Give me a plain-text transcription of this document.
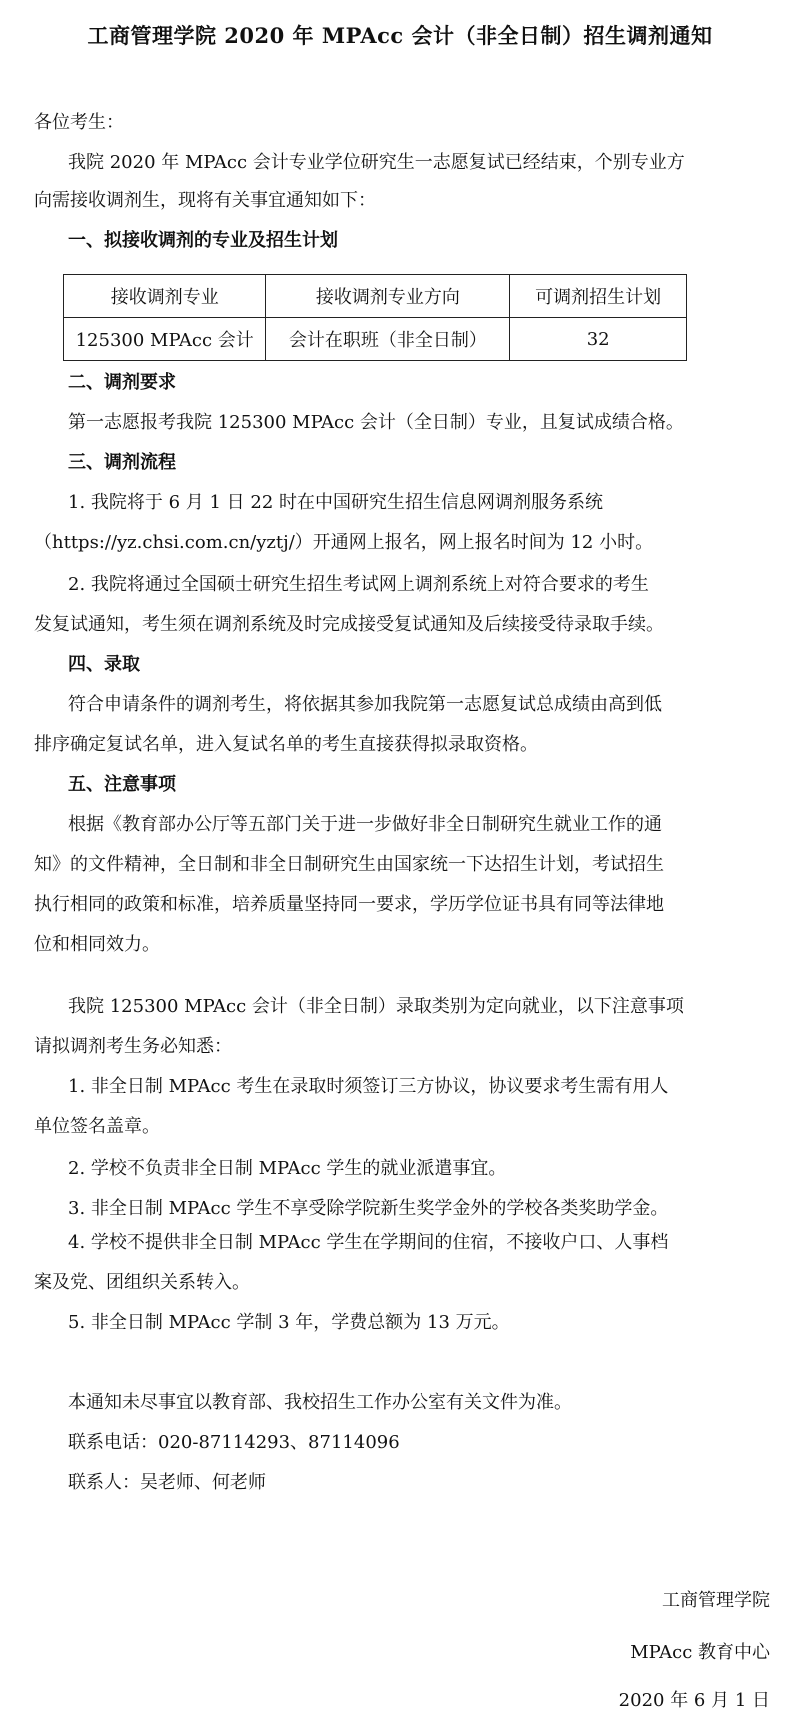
工商管理学院 2020 年 MPAcc 会计（非全日制）招生调剂通知
各位考生：
我院 2020 年 MPAcc 会计专业学位研究生一志愿复试已经结束，个别专业方
向需接收调剂生，现将有关事宜通知如下：
一、拟接收调剂的专业及招生计划
接收调剂专业	接收调剂专业方向	可调剂招生计划
125300 MPAcc 会计	会计在职班（非全日制）	32
二、调剂要求
第一志愿报考我院 125300 MPAcc 会计（全日制）专业，且复试成绩合格。
三、调剂流程
1. 我院将于 6 月 1 日 22 时在中国研究生招生信息网调剂服务系统
（https://yz.chsi.com.cn/yztj/）开通网上报名，网上报名时间为 12 小时。
2. 我院将通过全国硕士研究生招生考试网上调剂系统上对符合要求的考生
发复试通知，考生须在调剂系统及时完成接受复试通知及后续接受待录取手续。
四、录取
符合申请条件的调剂考生，将依据其参加我院第一志愿复试总成绩由高到低
排序确定复试名单，进入复试名单的考生直接获得拟录取资格。
五、注意事项
根据《教育部办公厅等五部门关于进一步做好非全日制研究生就业工作的通
知》的文件精神，全日制和非全日制研究生由国家统一下达招生计划，考试招生
执行相同的政策和标准，培养质量坚持同一要求，学历学位证书具有同等法律地
位和相同效力。
我院 125300 MPAcc 会计（非全日制）录取类别为定向就业，以下注意事项
请拟调剂考生务必知悉：
1. 非全日制 MPAcc 考生在录取时须签订三方协议，协议要求考生需有用人
单位签名盖章。
2. 学校不负责非全日制 MPAcc 学生的就业派遣事宜。
3. 非全日制 MPAcc 学生不享受除学院新生奖学金外的学校各类奖助学金。
4. 学校不提供非全日制 MPAcc 学生在学期间的住宿，不接收户口、人事档
案及党、团组织关系转入。
5. 非全日制 MPAcc 学制 3 年，学费总额为 13 万元。
本通知未尽事宜以教育部、我校招生工作办公室有关文件为准。
联系电话：020-87114293、87114096
联系人：吴老师、何老师
工商管理学院
MPAcc 教育中心
2020 年 6 月 1 日
